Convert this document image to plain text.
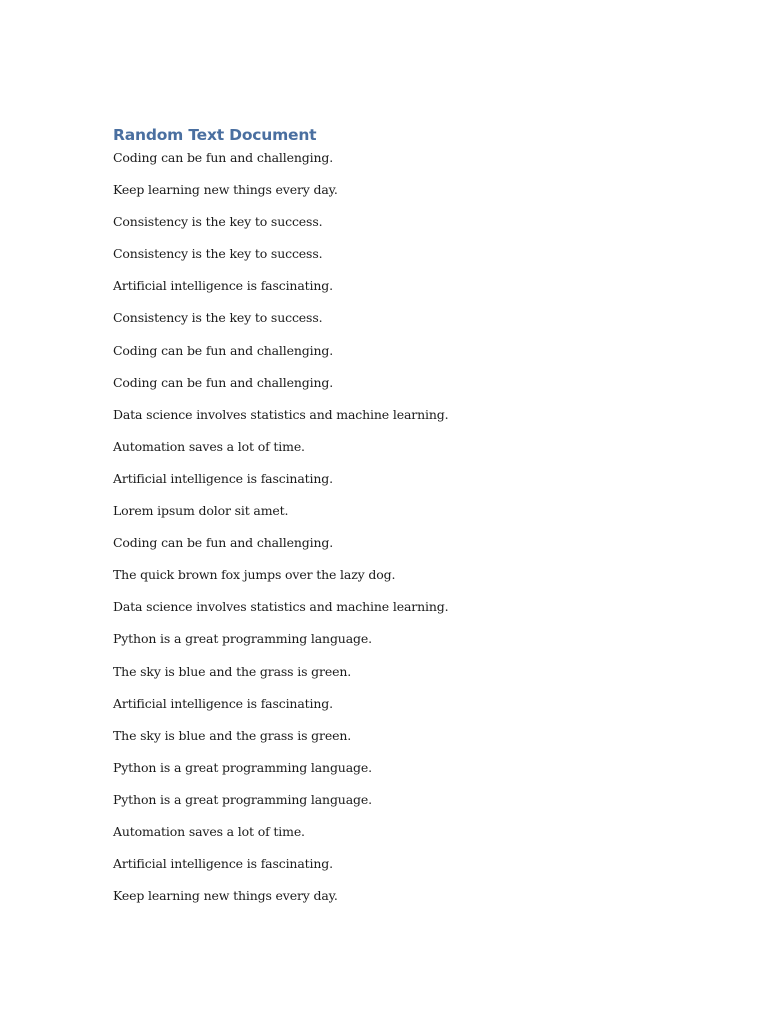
Random Text Document
Coding can be fun and challenging.
Keep learning new things every day.
Consistency is the key to success.
Consistency is the key to success.
Artificial intelligence is fascinating.
Consistency is the key to success.
Coding can be fun and challenging.
Coding can be fun and challenging.
Data science involves statistics and machine learning.
Automation saves a lot of time.
Artificial intelligence is fascinating.
Lorem ipsum dolor sit amet.
Coding can be fun and challenging.
The quick brown fox jumps over the lazy dog.
Data science involves statistics and machine learning.
Python is a great programming language.
The sky is blue and the grass is green.
Artificial intelligence is fascinating.
The sky is blue and the grass is green.
Python is a great programming language.
Python is a great programming language.
Automation saves a lot of time.
Artificial intelligence is fascinating.
Keep learning new things every day.
